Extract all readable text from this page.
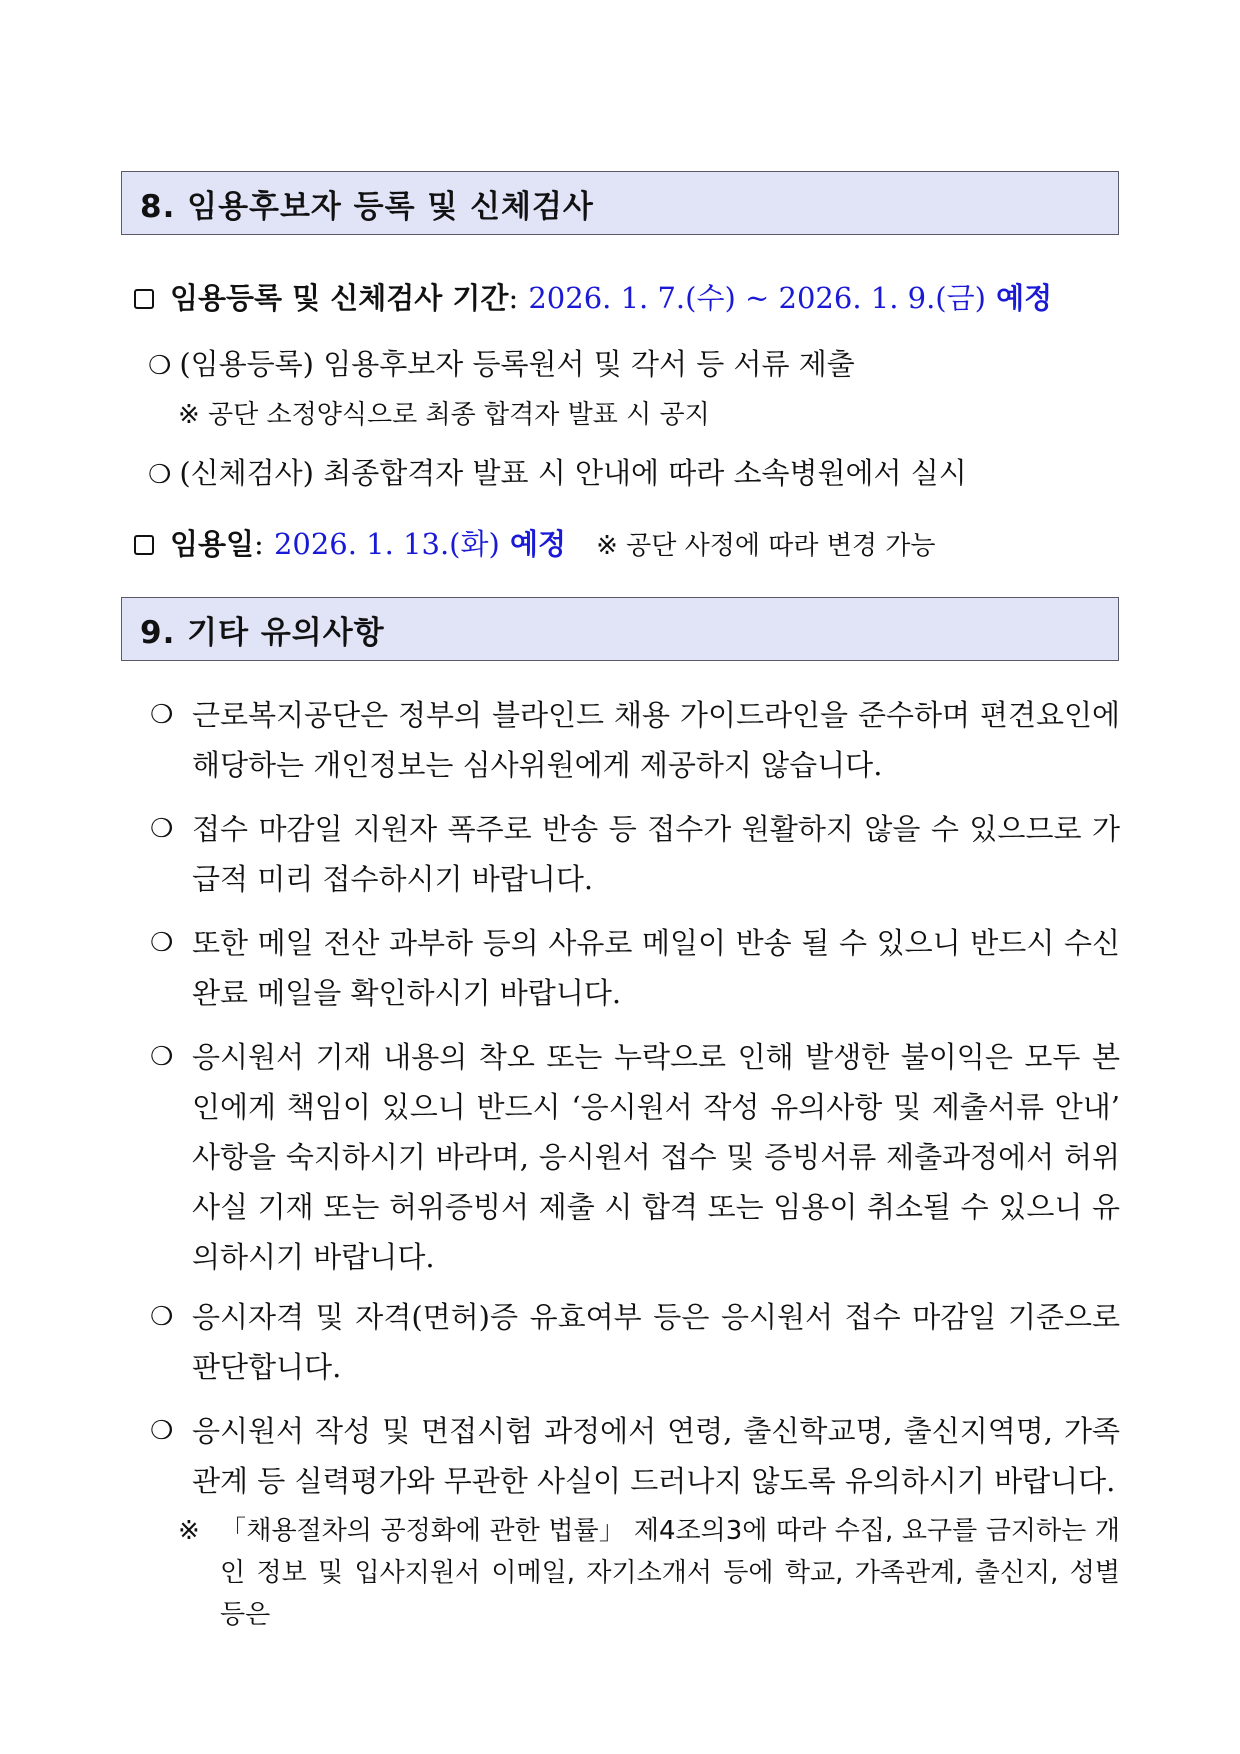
8. 임용후보자 등록 및 신체검사
임용등록 및 신체검사 기간: 2026. 1. 7.(수) ~ 2026. 1. 9.(금) 예정
❍ (임용등록) 임용후보자 등록원서 및 각서 등 서류 제출
※ 공단 소정양식으로 최종 합격자 발표 시 공지
❍ (신체검사) 최종합격자 발표 시 안내에 따라 소속병원에서 실시
임용일: 2026. 1. 13.(화) 예정 ※ 공단 사정에 따라 변경 가능
9. 기타 유의사항
❍ 근로복지공단은 정부의 블라인드 채용 가이드라인을 준수하며 편견요인에 해당하는 개인정보는 심사위원에게 제공하지 않습니다.
❍ 접수 마감일 지원자 폭주로 반송 등 접수가 원활하지 않을 수 있으므로 가급적 미리 접수하시기 바랍니다.
❍ 또한 메일 전산 과부하 등의 사유로 메일이 반송 될 수 있으니 반드시 수신 완료 메일을 확인하시기 바랍니다.
❍ 응시원서 기재 내용의 착오 또는 누락으로 인해 발생한 불이익은 모두 본인에게 책임이 있으니 반드시 ‘응시원서 작성 유의사항 및 제출서류 안내’ 사항을 숙지하시기 바라며, 응시원서 접수 및 증빙서류 제출과정에서 허위사실 기재 또는 허위증빙서 제출 시 합격 또는 임용이 취소될 수 있으니 유의하시기 바랍니다.
❍ 응시자격 및 자격(면허)증 유효여부 등은 응시원서 접수 마감일 기준으로 판단합니다.
❍ 응시원서 작성 및 면접시험 과정에서 연령, 출신학교명, 출신지역명, 가족관계 등 실력평가와 무관한 사실이 드러나지 않도록 유의하시기 바랍니다.
※ 「채용절차의 공정화에 관한 법률」 제4조의3에 따라 수집, 요구를 금지하는 개인 정보 및 입사지원서 이메일, 자기소개서 등에 학교, 가족관계, 출신지, 성별 등은
